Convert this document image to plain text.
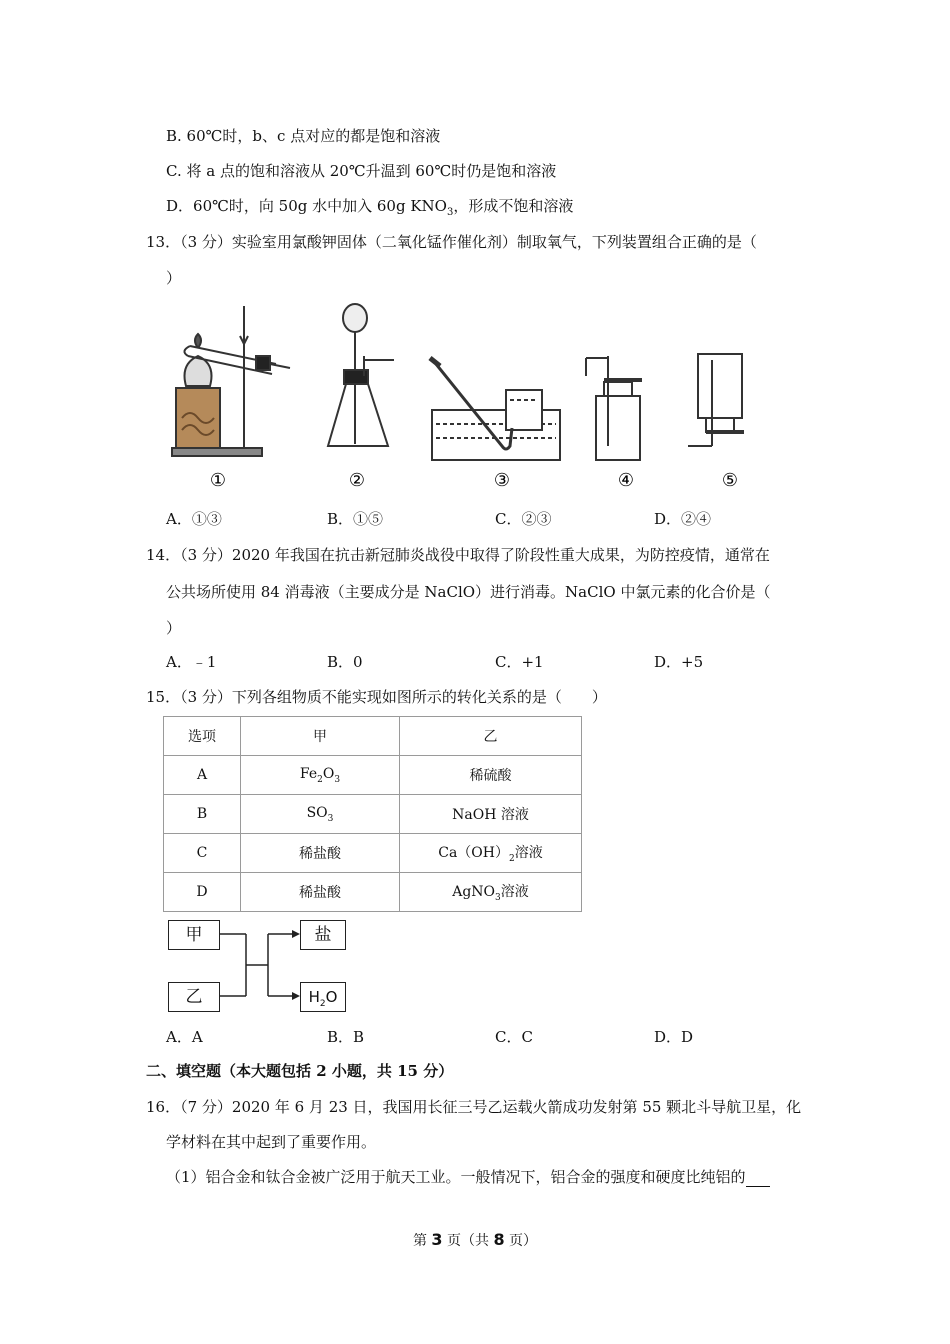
B. 60℃时，b、c 点对应的都是饱和溶液
C. 将 a 点的饱和溶液从 20℃升温到 60℃时仍是饱和溶液
D．60℃时，向 50g 水中加入 60g $KNO_3$，形成不饱和溶液
13．（3 分）实验室用氯酸钾固体（二氧化锰作催化剂）制取氧气，下列装置组合正确的是（
）
①	②	③	④	⑤
A．①③	B．①⑤	C．②③	D．②④
14．（3 分）2020 年我国在抗击新冠肺炎战役中取得了阶段性重大成果，为防控疫情，通常在
公共场所使用 84 消毒液（主要成分是 NaClO）进行消毒。NaClO 中氯元素的化合价是（
）
A．﹣1	B．0	C．+1	D．+5
15．（3 分）下列各组物质不能实现如图所示的转化关系的是（　　）
选项	甲	乙
A	$Fe_2O_3$	稀硫酸
B	$SO_3$	NaOH 溶液
C	稀盐酸	$Ca(OH)_2$溶液
D	稀盐酸	AgNO$_3$溶液
甲
乙
盐
$H_2O$
A．A	B．B	C．C	D．D
二、填空题（本大题包括 2 小题，共 15 分）
16．（7 分）2020 年 6 月 23 日，我国用长征三号乙运载火箭成功发射第 55 颗北斗导航卫星，化
学材料在其中起到了重要作用。
（1）铝合金和钛合金被广泛用于航天工业。一般情况下，铝合金的强度和硬度比纯铝的
第 3 页（共 8 页）
